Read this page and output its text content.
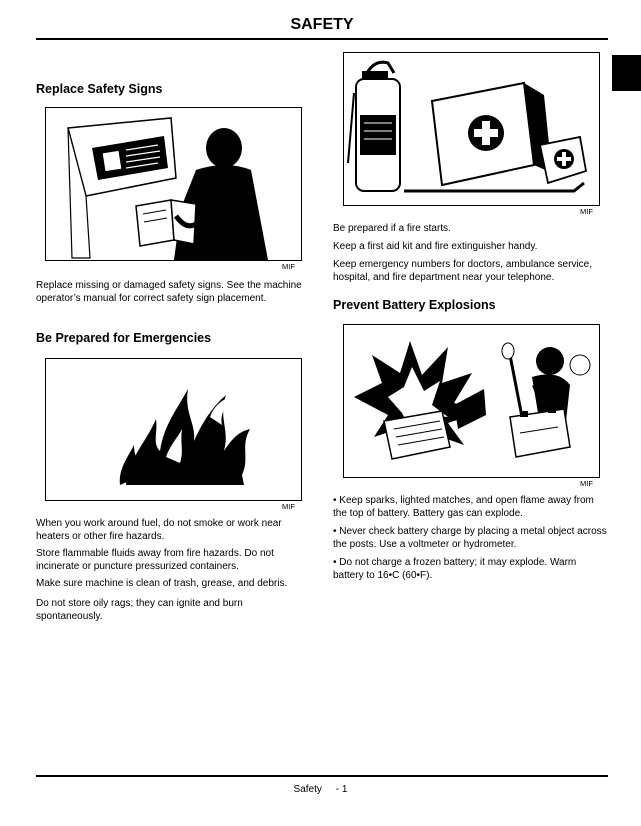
SAFETY
Replace Safety Signs
MIF
Replace missing or damaged safety signs. See the machine operator’s manual for correct safety sign placement.
Be Prepared for Emergencies
MIF
When you work around fuel, do not smoke or work near heaters or other fire hazards.
Store flammable fluids away from fire hazards. Do not incinerate or puncture pressurized containers.
Make sure machine is clean of trash, grease, and debris.
Do not store oily rags; they can ignite and burn spontaneously.
MIF
Be prepared if a fire starts.
Keep a first aid kit and fire extinguisher handy.
Keep emergency numbers for doctors, ambulance service, hospital, and fire department near your telephone.
Prevent Battery Explosions
MIF
• Keep sparks, lighted matches, and open flame away from the top of battery. Battery gas can explode.
• Never check battery charge by placing a metal object across the posts. Use a voltmeter or hydrometer.
• Do not charge a frozen battery; it may explode. Warm battery to 16•C (60•F).
Safety     - 1
